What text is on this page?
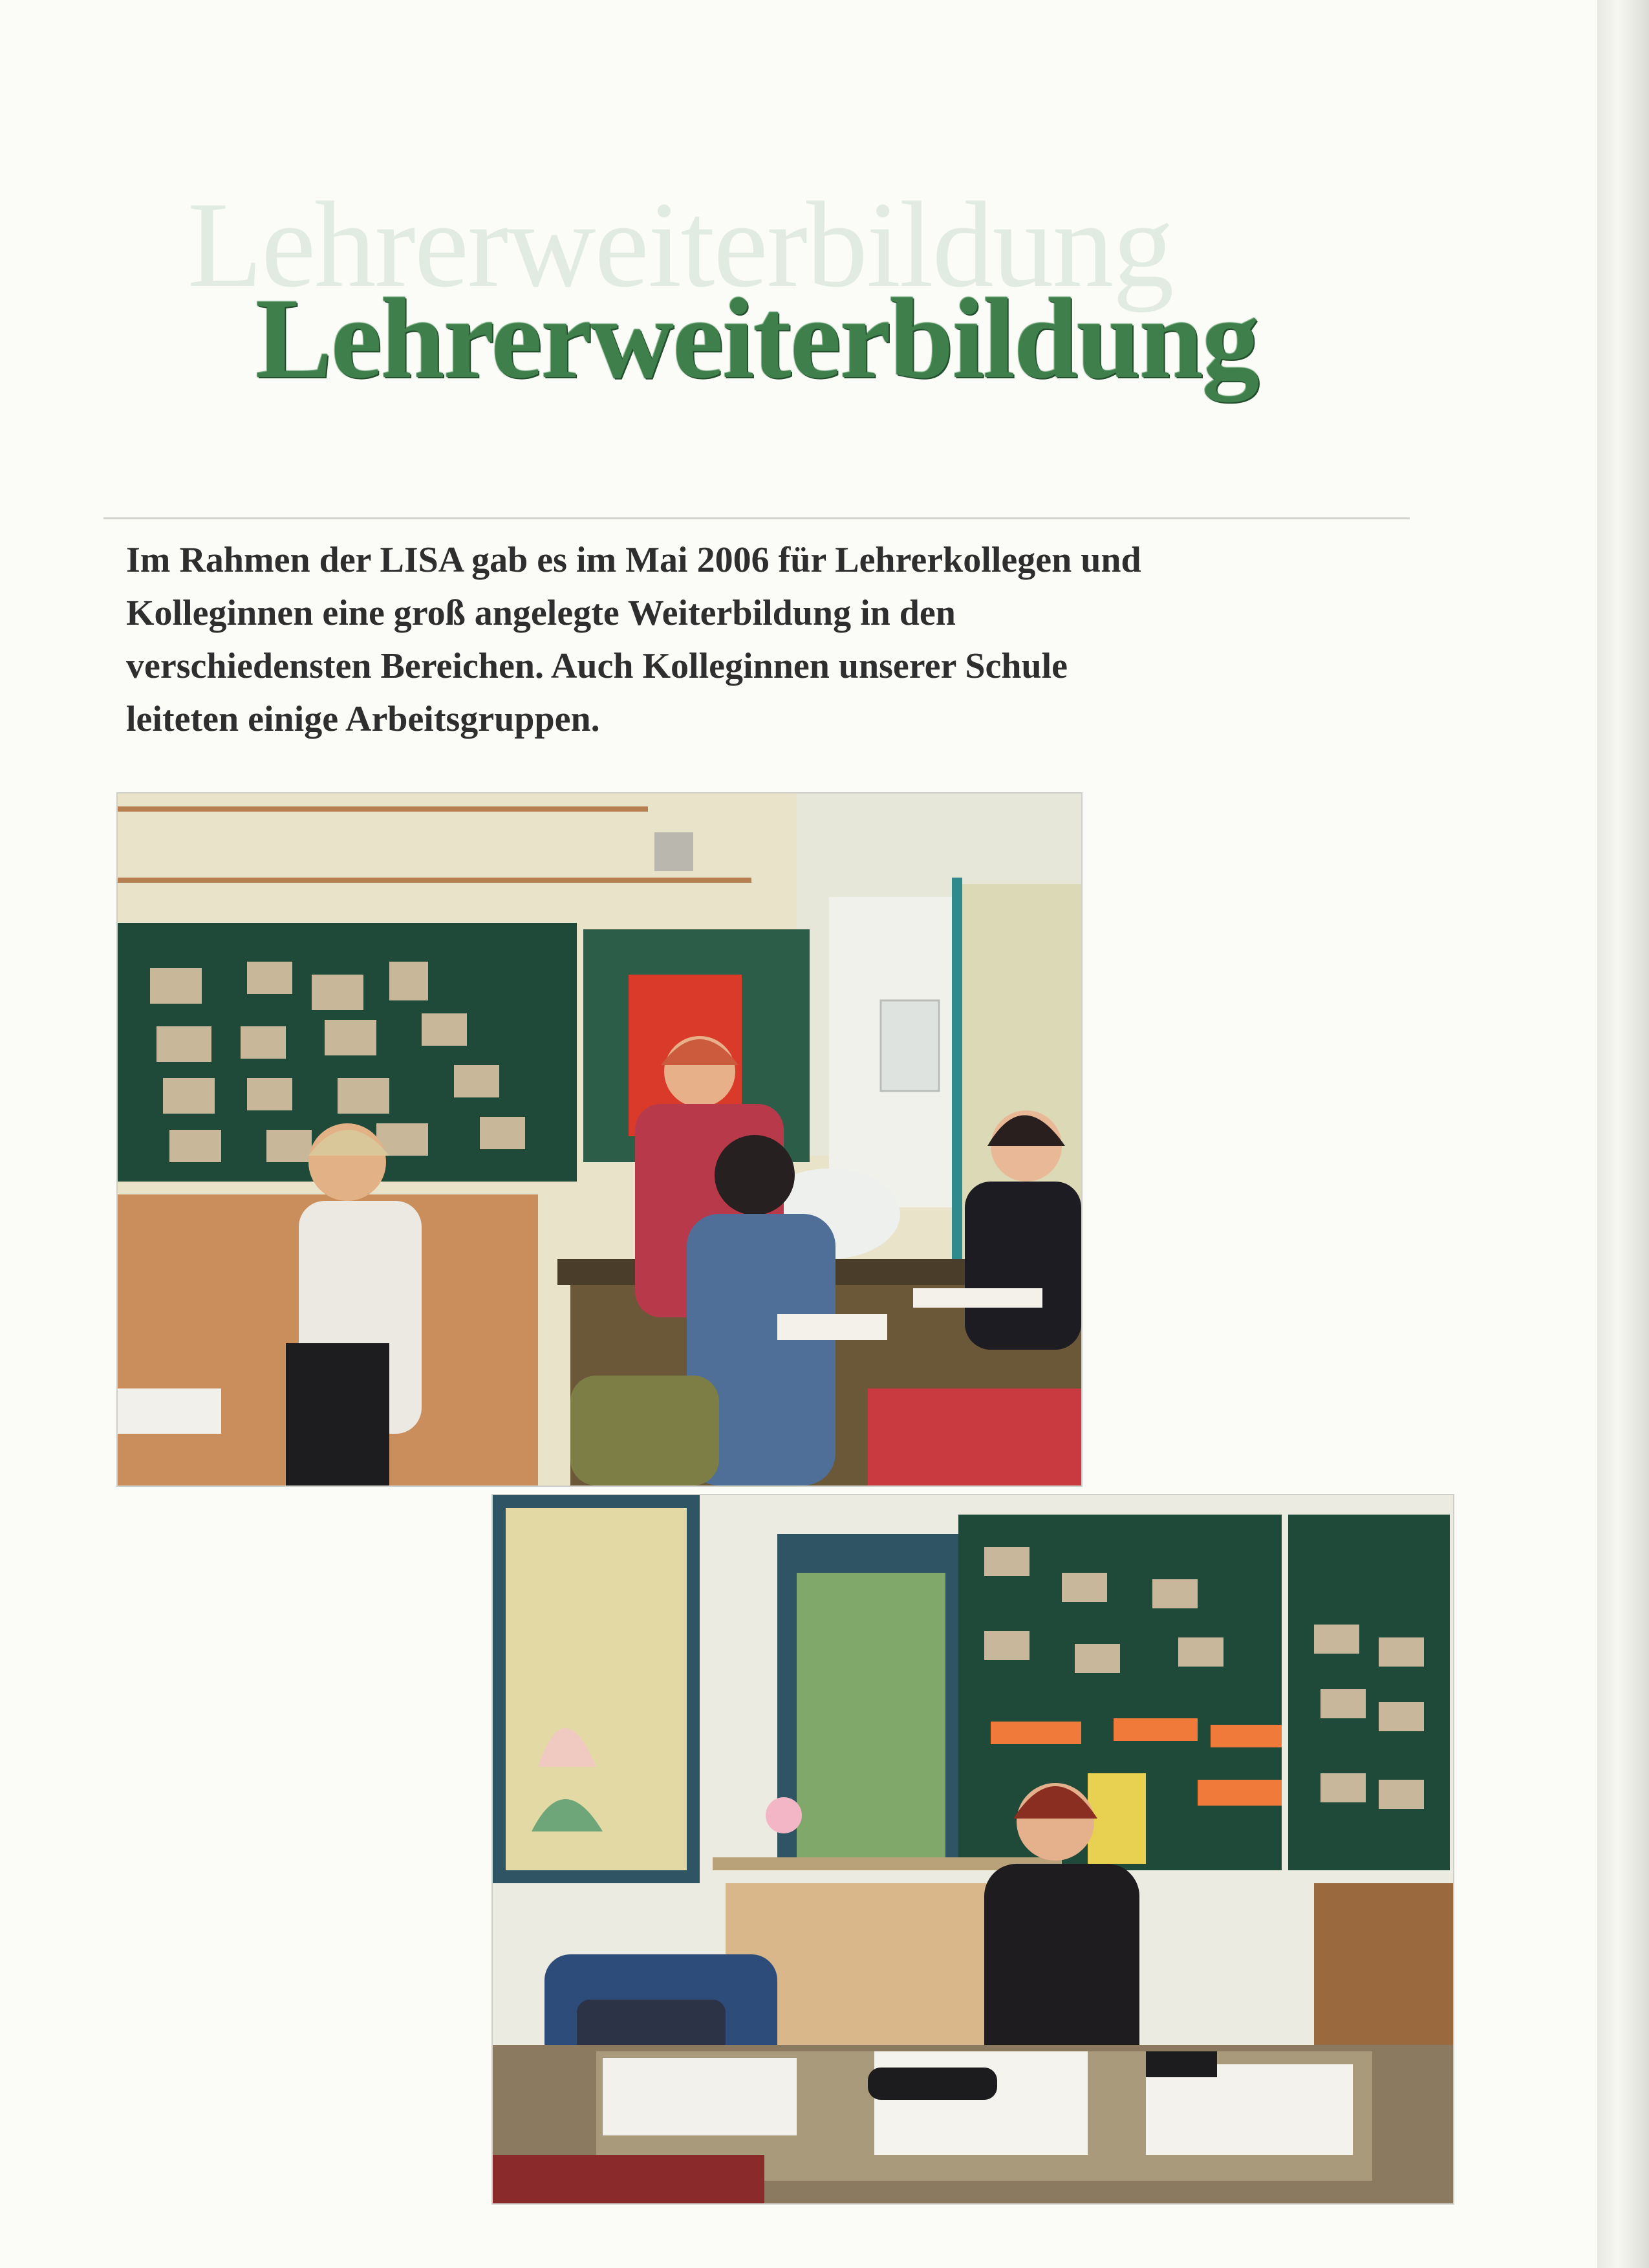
Lehrerweiterbildung
Lehrerweiterbildung
Im Rahmen der LISA gab es im Mai 2006 für Lehrerkollegen und
Kolleginnen eine groß angelegte Weiterbildung in den
verschiedensten Bereichen. Auch Kolleginnen unserer Schule
leiteten einige Arbeitsgruppen.
